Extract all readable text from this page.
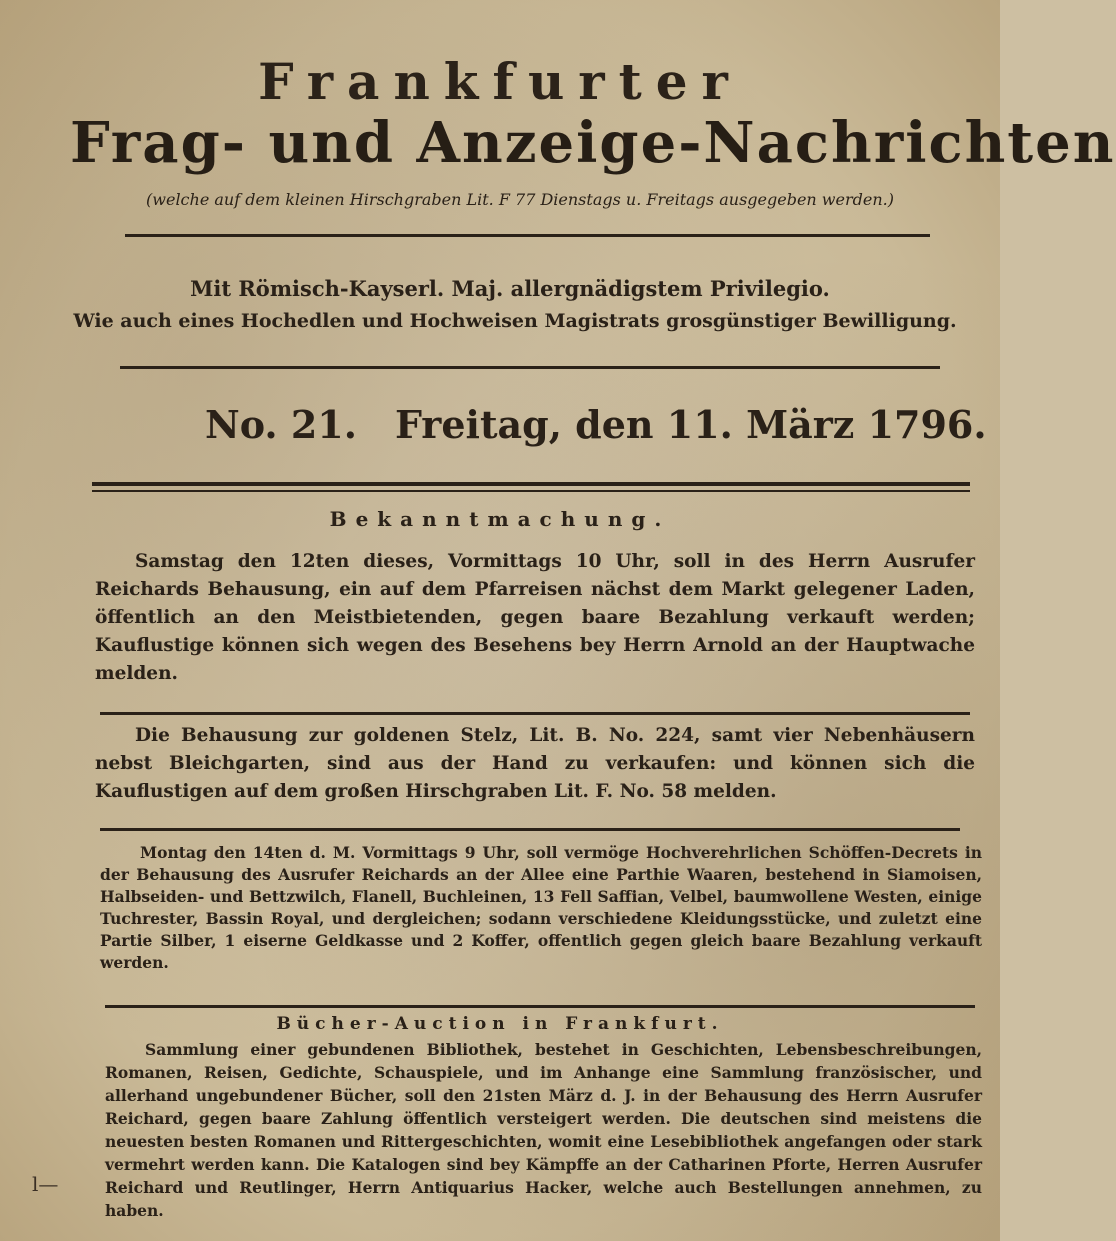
Frankfurter
Frag- und Anzeige-Nachrichten
(welche auf dem kleinen Hirschgraben Lit. F 77 Dienstags u. Freitags ausgegeben werden.)
Mit Römisch-Kayserl. Maj. allergnädigstem Privilegio.
Wie auch eines Hochedlen und Hochweisen Magistrats grosgünstiger Bewilligung.
No. 21. Freitag, den 11. März 1796.
Bekanntmachung.
Samstag den 12ten dieses, Vormittags 10 Uhr, soll in des Herrn Ausrufer Reichards Behausung, ein auf dem Pfarreisen nächst dem Markt gelegener Laden, öffentlich an den Meistbietenden, gegen baare Bezahlung verkauft werden; Kauflustige können sich wegen des Besehens bey Herrn Arnold an der Hauptwache melden.
Die Behausung zur goldenen Stelz, Lit. B. No. 224, samt vier Nebenhäusern nebst Bleichgarten, sind aus der Hand zu verkaufen: und können sich die Kauflustigen auf dem großen Hirschgraben Lit. F. No. 58 melden.
Montag den 14ten d. M. Vormittags 9 Uhr, soll vermöge Hochverehrlichen Schöffen-Decrets in der Behausung des Ausrufer Reichards an der Allee eine Parthie Waaren, bestehend in Siamoisen, Halbseiden- und Bettzwilch, Flanell, Buchleinen, 13 Fell Saffian, Velbel, baumwollene Westen, einige Tuchrester, Bassin Royal, und dergleichen; sodann verschiedene Kleidungsstücke, und zuletzt eine Partie Silber, 1 eiserne Geldkasse und 2 Koffer, offentlich gegen gleich baare Bezahlung verkauft werden.
Bücher-Auction in Frankfurt.
Sammlung einer gebundenen Bibliothek, bestehet in Geschichten, Lebensbeschreibungen, Romanen, Reisen, Gedichte, Schauspiele, und im Anhange eine Sammlung französischer, und allerhand ungebundener Bücher, soll den 21sten März d. J. in der Behausung des Herrn Ausrufer Reichard, gegen baare Zahlung öffentlich versteigert werden. Die deutschen sind meistens die neuesten besten Romanen und Rittergeschichten, womit eine Lesebibliothek angefangen oder stark vermehrt werden kann. Die Katalogen sind bey Kämpffe an der Catharinen Pforte, Herren Ausrufer Reichard und Reutlinger, Herrn Antiquarius Hacker, welche auch Bestellungen annehmen, zu haben.
l—
